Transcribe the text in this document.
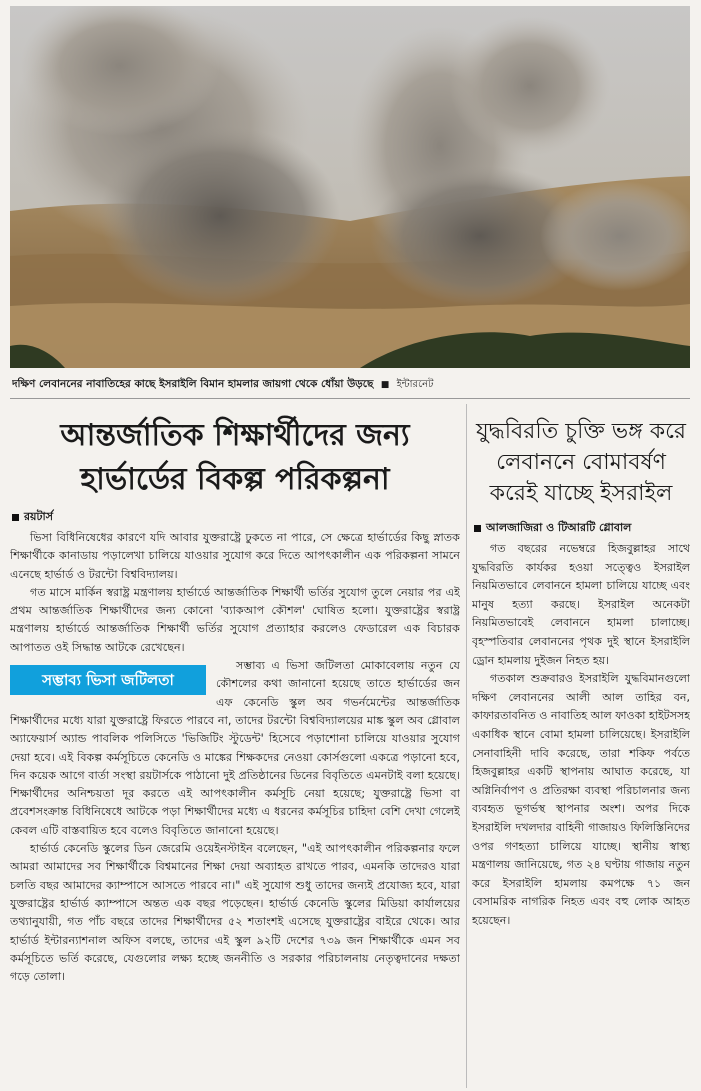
দক্ষিণ লেবাননের নাবাতিহের কাছে ইসরাইলি বিমান হামলার জায়গা থেকে ধোঁয়া উড়ছে ■ ইন্টারনেট
আন্তর্জাতিক শিক্ষার্থীদের জন্য
হার্ভার্ডের বিকল্প পরিকল্পনা
রয়টার্স

ভিসা বিধিনিষেধের কারণে যদি আবার যুক্তরাষ্ট্রে ঢুকতে না পারে, সে ক্ষেত্রে হার্ভার্ডের কিছু স্নাতক শিক্ষার্থীকে কানাডায় পড়ালেখা চালিয়ে যাওয়ার সুযোগ করে দিতে আপৎকালীন এক পরিকল্পনা সামনে এনেছে হার্ভার্ড ও টরন্টো বিশ্ববিদ্যালয়।

গত মাসে মার্কিন স্বরাষ্ট্র মন্ত্রণালয় হার্ভার্ডে আন্তর্জাতিক শিক্ষার্থী ভর্তির সুযোগ তুলে নেয়ার পর এই প্রথম আন্তর্জাতিক শিক্ষার্থীদের জন্য কোনো 'ব্যাকআপ কৌশল' ঘোষিত হলো। যুক্তরাষ্ট্রের স্বরাষ্ট্র মন্ত্রণালয় হার্ভার্ডে আন্তর্জাতিক শিক্ষার্থী ভর্তির সুযোগ প্রত্যাহার করলেও ফেডারেল এক বিচারক আপাতত ওই সিদ্ধান্ত আটকে রেখেছেন।

সম্ভাব্য ভিসা জটিলতা

সম্ভাব্য এ ভিসা জটিলতা মোকাবেলায় নতুন যে কৌশলের কথা জানানো হয়েছে তাতে হার্ভার্ডের জন এফ কেনেডি স্কুল অব গভর্নমেন্টের আন্তর্জাতিক শিক্ষার্থীদের মধ্যে যারা যুক্তরাষ্ট্রে ফিরতে পারবে না, তাদের টরন্টো বিশ্ববিদ্যালয়ের মাঙ্ক স্কুল অব গ্লোবাল অ্যাফেয়ার্স অ্যান্ড পাবলিক পলিসিতে 'ভিজিটিং স্টুডেন্ট' হিসেবে পড়াশোনা চালিয়ে যাওয়ার সুযোগ দেয়া হবে। এই বিকল্প কর্মসূচিতে কেনেডি ও মাঙ্কের শিক্ষকদের নেওয়া কোর্সগুলো একত্রে পড়ানো হবে, দিন কয়েক আগে বার্তা সংস্থা রয়টার্সকে পাঠানো দুই প্রতিষ্ঠানের ডিনের বিবৃতিতে এমনটাই বলা হয়েছে। শিক্ষার্থীদের অনিশ্চয়তা দূর করতে এই আপৎকালীন কর্মসূচি নেয়া হয়েছে; যুক্তরাষ্ট্রে ভিসা বা প্রবেশসংক্রান্ত বিধিনিষেধে আটকে পড়া শিক্ষার্থীদের মধ্যে এ ধরনের কর্মসূচির চাহিদা বেশি দেখা গেলেই কেবল এটি বাস্তবায়িত হবে বলেও বিবৃতিতে জানানো হয়েছে।

হার্ভার্ড কেনেডি স্কুলের ডিন জেরেমি ওয়েইনস্টাইন বলেছেন, "এই আপৎকালীন পরিকল্পনার ফলে আমরা আমাদের সব শিক্ষার্থীকে বিশ্বমানের শিক্ষা দেয়া অব্যাহত রাখতে পারব, এমনকি তাদেরও যারা চলতি বছর আমাদের ক্যাম্পাসে আসতে পারবে না।" এই সুযোগ শুধু তাদের জন্যই প্রযোজ্য হবে, যারা যুক্তরাষ্ট্রের হার্ভার্ড ক্যাম্পাসে অন্তত এক বছর পড়েছেন। হার্ভার্ড কেনেডি স্কুলের মিডিয়া কার্যালয়ের তথ্যানুযায়ী, গত পাঁচ বছরে তাদের শিক্ষার্থীদের ৫২ শতাংশই এসেছে যুক্তরাষ্ট্রের বাইরে থেকে। আর হার্ভার্ড ইন্টারন্যাশনাল অফিস বলছে, তাদের এই স্কুল ৯২টি দেশের ৭৩৯ জন শিক্ষার্থীকে এমন সব কর্মসূচিতে ভর্তি করেছে, যেগুলোর লক্ষ্য হচ্ছে জননীতি ও সরকার পরিচালনায় নেতৃত্বদানের দক্ষতা গড়ে তোলা।

যুদ্ধবিরতি চুক্তি ভঙ্গ করে লেবাননে বোমাবর্ষণ করেই যাচ্ছে ইসরাইল
আলজাজিরা ও টিআরটি গ্লোবাল

গত বছরের নভেম্বরে হিজবুল্লাহর সাথে যুদ্ধবিরতি কার্যকর হওয়া সত্ত্বেও ইসরাইল নিয়মিতভাবে লেবাননে হামলা চালিয়ে যাচ্ছে এবং মানুষ হত্যা করছে। ইসরাইল অনেকটা নিয়মিতভাবেই লেবাননে হামলা চালাচ্ছে। বৃহস্পতিবার লেবাননের পৃথক দুই স্থানে ইসরাইলি ড্রোন হামলায় দুইজন নিহত হয়।

গতকাল শুক্রবারও ইসরাইলি যুদ্ধবিমানগুলো দক্ষিণ লেবাননের আলী আল তাহির বন, কাফারতাবনিত ও নাবাতিহ আল ফাওকা হাইটসসহ একাধিক স্থানে বোমা হামলা চালিয়েছে। ইসরাইলি সেনাবাহিনী দাবি করেছে, তারা শকিফ পর্বতে হিজবুল্লাহর একটি স্থাপনায় আঘাত করেছে, যা অগ্নিনির্বাপণ ও প্রতিরক্ষা ব্যবস্থা পরিচালনার জন্য ব্যবহৃত ভূগর্ভস্থ স্থাপনার অংশ। অপর দিকে ইসরাইলি দখলদার বাহিনী গাজায়ও ফিলিস্তিনিদের ওপর গণহত্যা চালিয়ে যাচ্ছে। স্থানীয় স্বাস্থ্য মন্ত্রণালয় জানিয়েছে, গত ২৪ ঘণ্টায় গাজায় নতুন করে ইসরাইলি হামলায় কমপক্ষে ৭১ জন বেসামরিক নাগরিক নিহত এবং বহু লোক আহত হয়েছেন।
